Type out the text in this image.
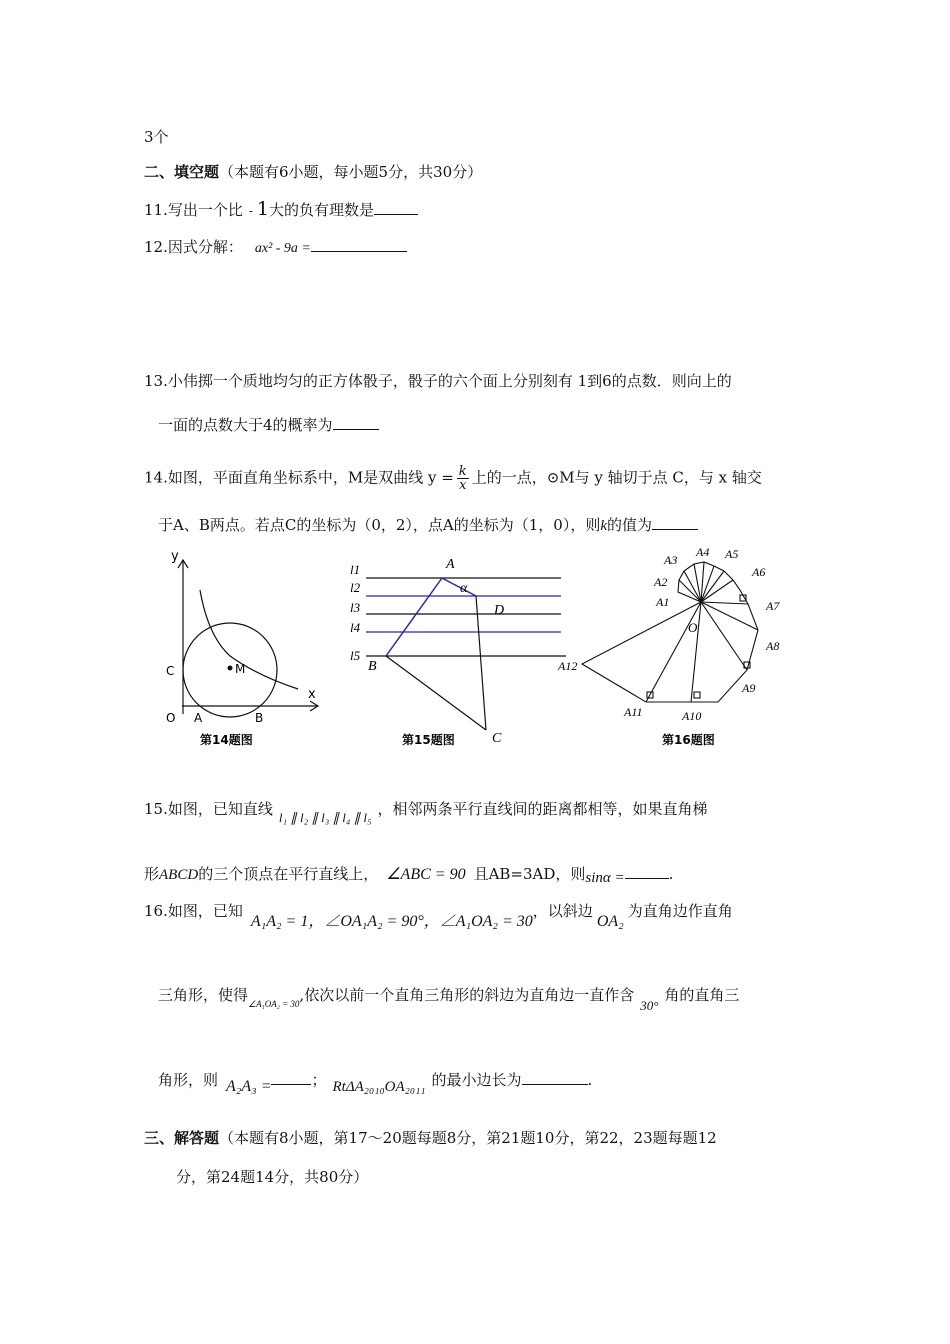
3个
二、填空题（本题有6小题，每小题5分，共30分）
11.写出一个比 - 1大的负有理数是
12.因式分解： ax² - 9a =
13.小伟掷一个质地均匀的正方体骰子，骰子的六个面上分别刻有 1到6的点数．则向上的
一面的点数大于4的概率为
14.如图，平面直角坐标系中，M是双曲线 $y = \frac{k}{x}$ 上的一点，⊙M与 y 轴切于点 C，与 x 轴交
于A、B两点。若点C的坐标为（0，2），点A的坐标为（1，0），则k的值为
y
x
O A	B
C	M
第14题图
l1
l2
l3
l4
l5
A
B
C
D
α
第15题图
O
A1
A2
A3
A4 A5
A6
A7
A8
A9
A10
A11
A12
第16题图
15.如图，已知直线 l₁ ∥ l₂ ∥ l₃ ∥ l₄ ∥ l₅ ，相邻两条平行直线间的距离都相等，如果直角梯
形ABCD的三个顶点在平行直线上， ∠ABC = 90 且AB=3AD，则sinα =	.
16.如图，已知A₁A₂ = 1，∠OA₁A₂ = 90°，∠A₁OA₂ = 30，以斜边OA₂为直角边作直角
三角形，使得$_{\angle A_1OA_2 = 30}$,依次以前一个直角三角形的斜边为直角边一直作含30°角的直角三
角形，则 A₂A₃ =	； RtΔA₂₀₁₀OA₂₀₁₁ 的最小边长为	.
三、解答题（本题有8小题，第17～20题每题8分，第21题10分，第22，23题每题12
分，第24题14分，共80分）
